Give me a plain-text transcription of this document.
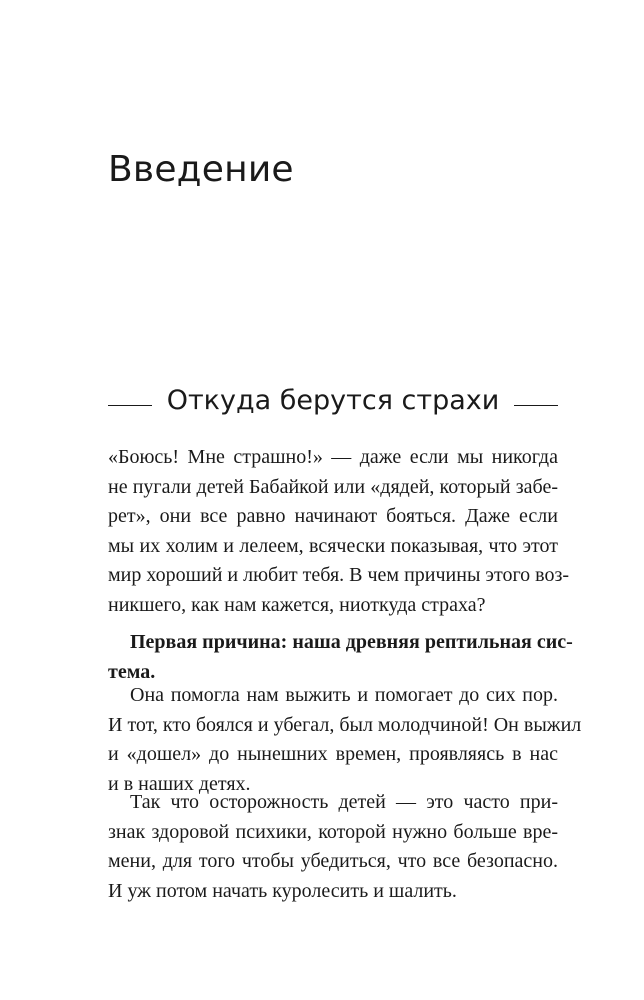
Введение
Откуда берутся страхи

«Боюсь! Мне страшно!» — даже если мы никогда
не пугали детей Бабайкой или «дядей, который забе-
рет», они все равно начинают бояться. Даже если
мы их холим и лелеем, всячески показывая, что этот
мир хороший и любит тебя. В чем причины этого воз-
никшего, как нам кажется, ниоткуда страха?

Первая причина: наша древняя рептильная сис-
тема.

Она помогла нам выжить и помогает до сих пор.
И тот, кто боялся и убегал, был молодчиной! Он выжил
и «дошел» до нынешних времен, проявляясь в нас
и в наших детях.

Так что осторожность детей — это часто при-
знак здоровой психики, которой нужно больше вре-
мени, для того чтобы убедиться, что все безопасно.
И уж потом начать куролесить и шалить.
